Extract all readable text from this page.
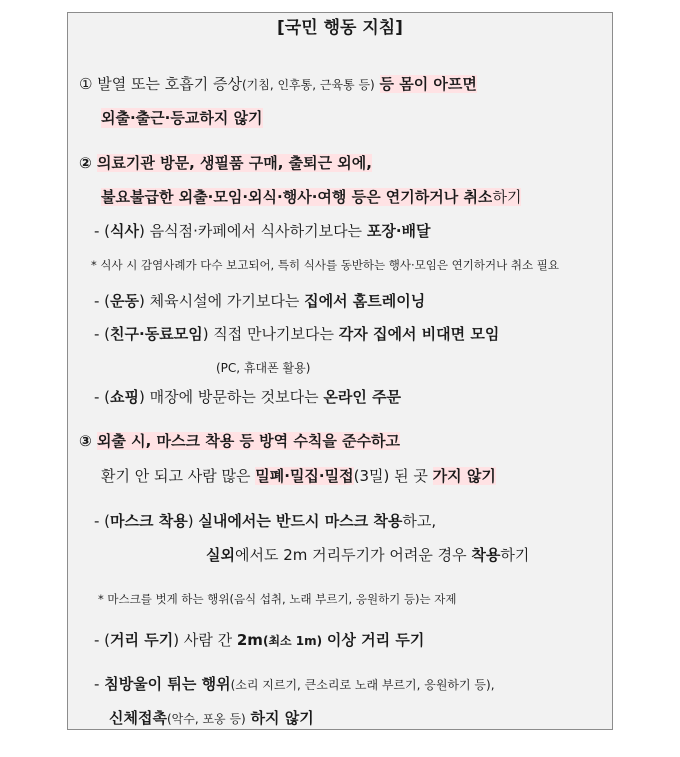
[국민 행동 지침]
① 발열 또는 호흡기 증상(기침, 인후통, 근육통 등) 등 몸이 아프면
외출·출근·등교하지 않기
② 의료기관 방문, 생필품 구매, 출퇴근 외에,
불요불급한 외출·모임·외식·행사·여행 등은 연기하거나 취소하기
- (식사) 음식점·카페에서 식사하기보다는 포장·배달
* 식사 시 감염사례가 다수 보고되어, 특히 식사를 동반하는 행사·모임은 연기하거나 취소 필요
- (운동) 체육시설에 가기보다는 집에서 홈트레이닝
- (친구·동료모임) 직접 만나기보다는 각자 집에서 비대면 모임
(PC, 휴대폰 활용)
- (쇼핑) 매장에 방문하는 것보다는 온라인 주문
③ 외출 시, 마스크 착용 등 방역 수칙을 준수하고
환기 안 되고 사람 많은 밀폐·밀집·밀접(3밀) 된 곳 가지 않기
- (마스크 착용) 실내에서는 반드시 마스크 착용하고,
실외에서도 2m 거리두기가 어려운 경우 착용하기
* 마스크를 벗게 하는 행위(음식 섭취, 노래 부르기, 응원하기 등)는 자제
- (거리 두기) 사람 간 2m(최소 1m) 이상 거리 두기
- 침방울이 튀는 행위(소리 지르기, 큰소리로 노래 부르기, 응원하기 등),
신체접촉(악수, 포옹 등) 하지 않기
